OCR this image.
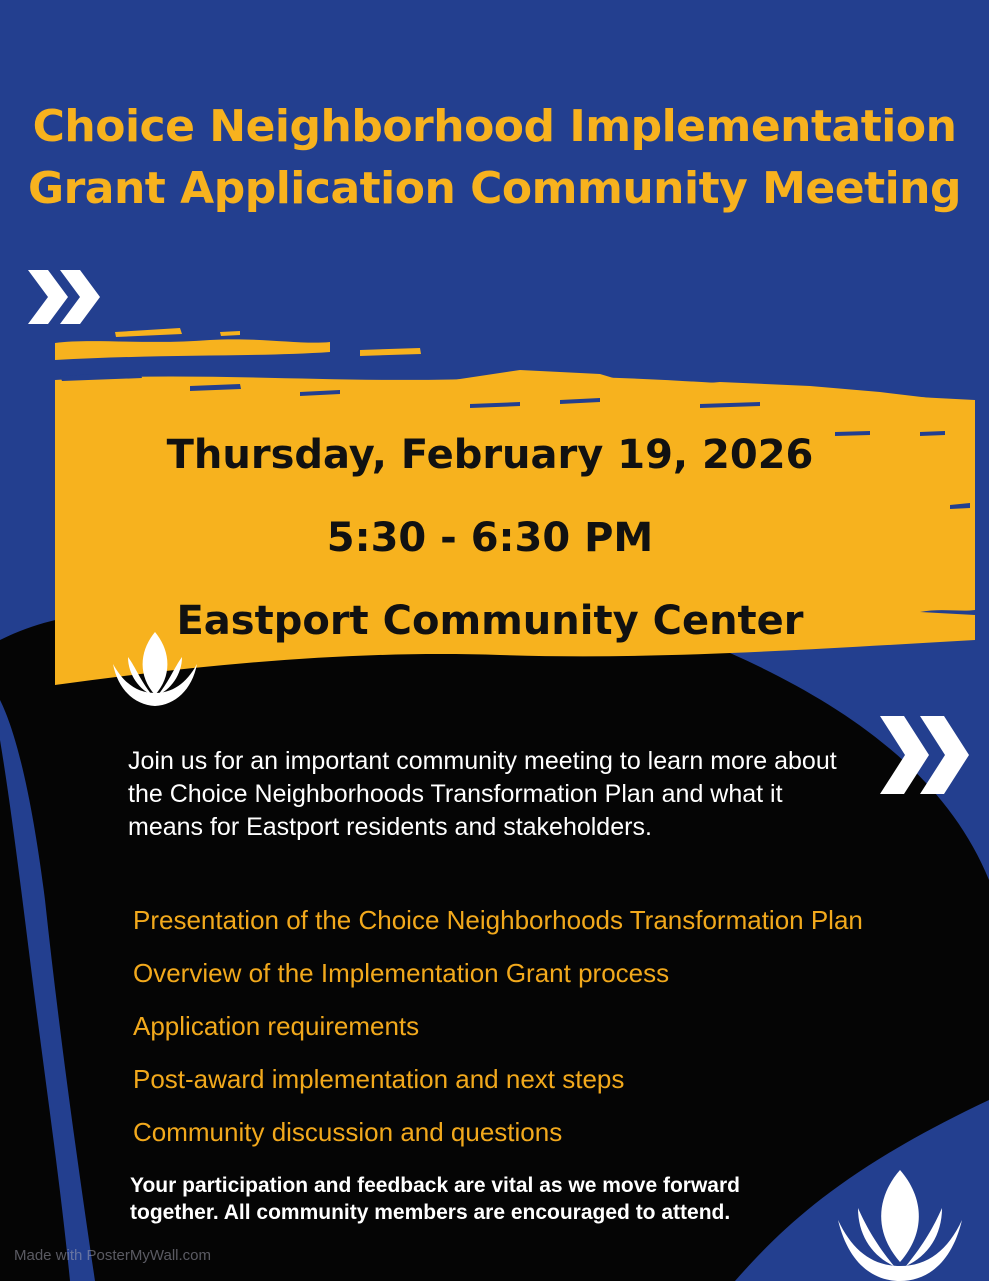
Choice Neighborhood Implementation
Grant Application Community Meeting
Thursday, February 19, 2026
5:30 - 6:30 PM
Eastport Community Center
Join us for an important community meeting to learn more about the Choice Neighborhoods Transformation Plan and what it means for Eastport residents and stakeholders.
Presentation of the Choice Neighborhoods Transformation Plan
Overview of the Implementation Grant process
Application requirements
Post-award implementation and next steps
Community discussion and questions
Your participation and feedback are vital as we move forward together. All community members are encouraged to attend.
Made with PosterMyWall.com
